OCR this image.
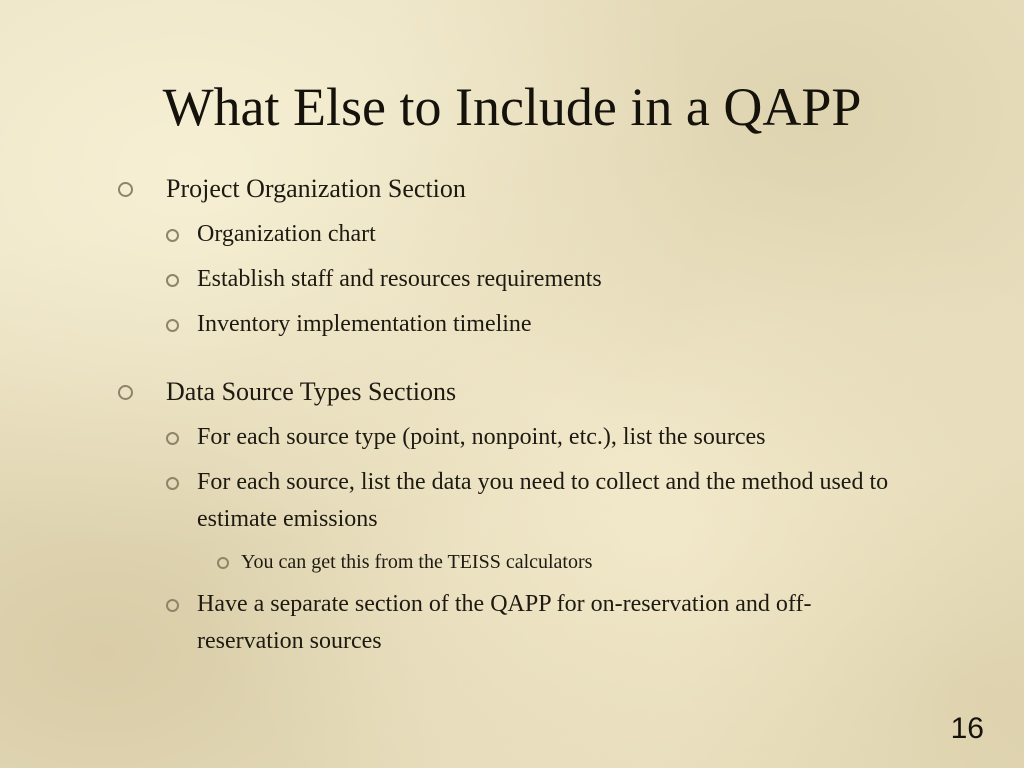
What Else to Include in a QAPP
Project Organization Section
Organization chart
Establish staff and resources requirements
Inventory implementation timeline
Data Source Types Sections
For each source type (point, nonpoint, etc.), list the sources
For each source, list the data you need to collect and the method used to estimate emissions
You can get this from the TEISS calculators
Have a separate section of the QAPP for on-reservation and off-reservation sources
16
